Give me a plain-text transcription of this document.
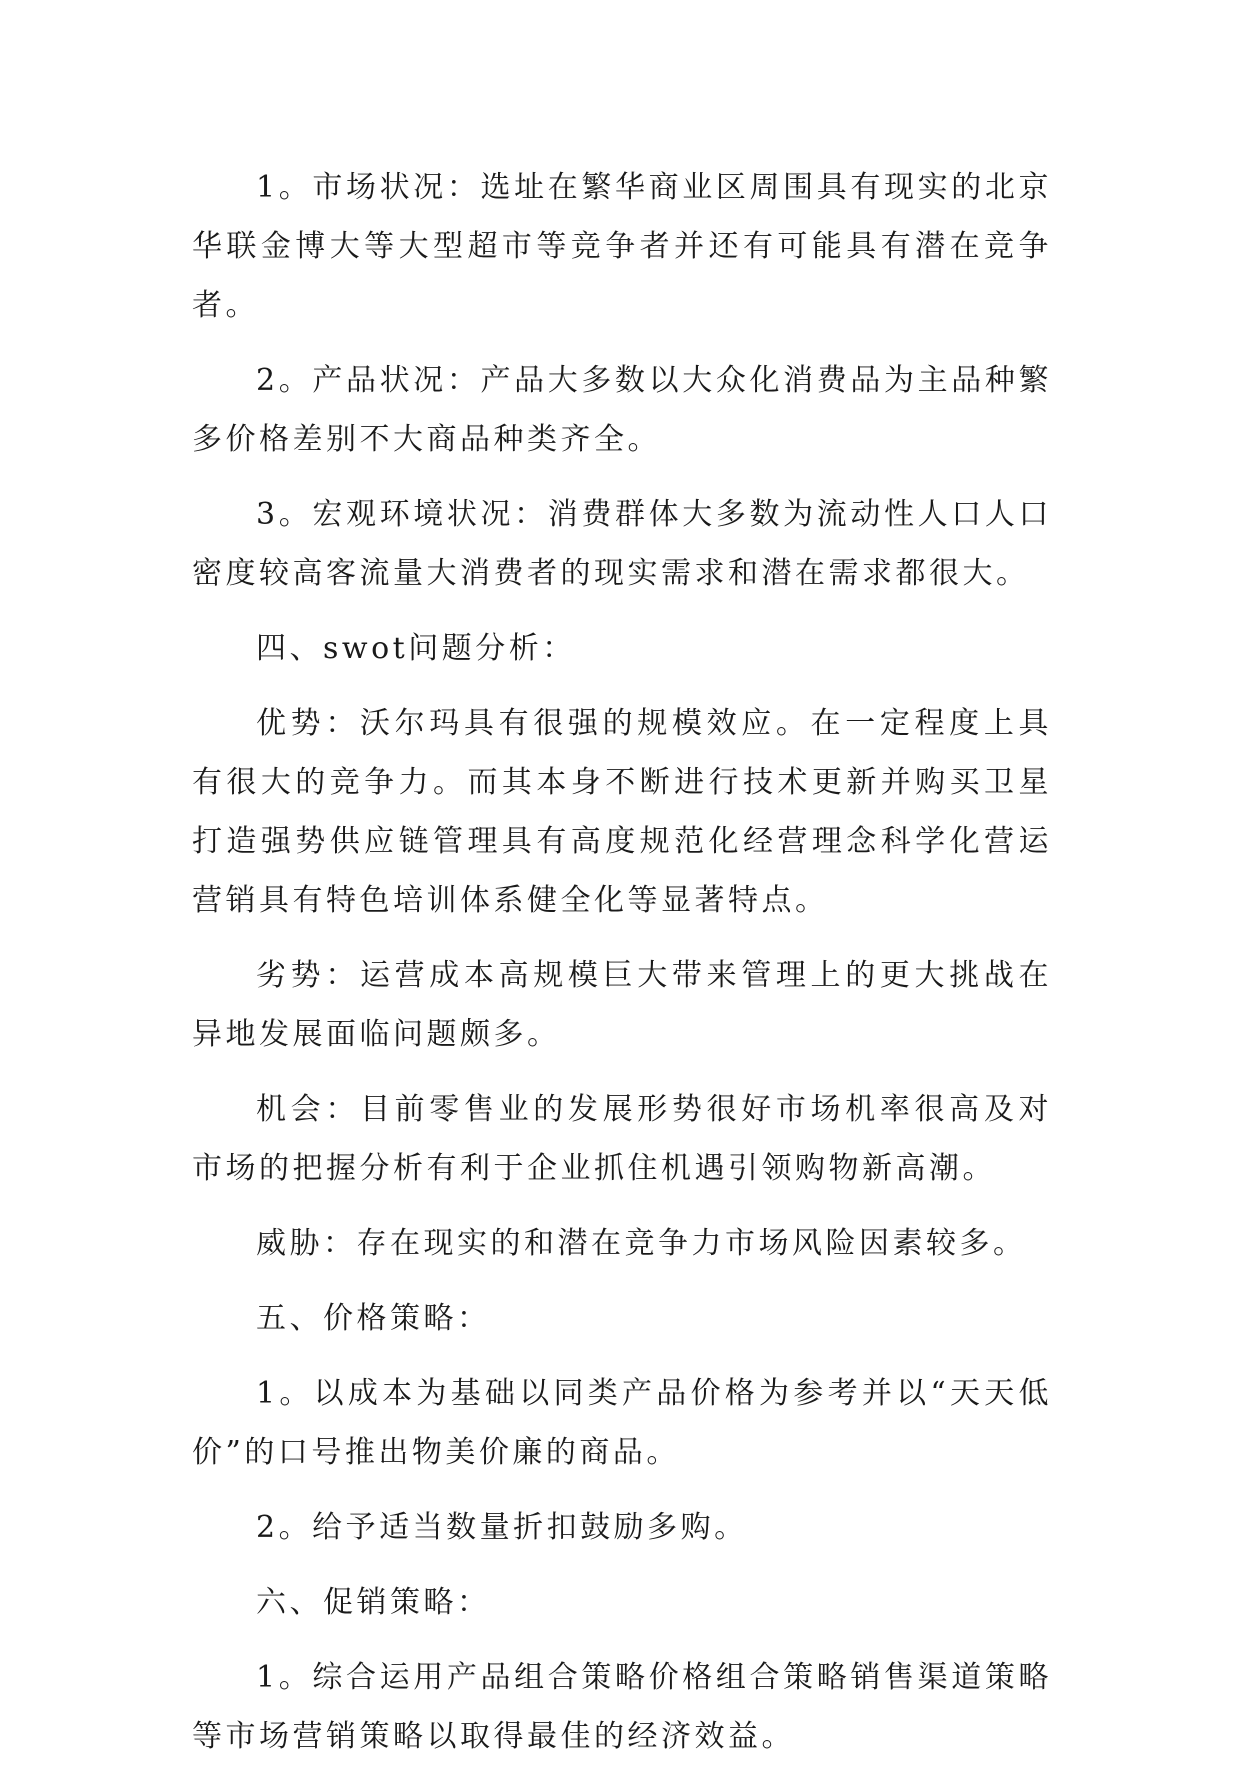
1。市场状况：选址在繁华商业区周围具有现实的北京华联金博大等大型超市等竞争者并还有可能具有潜在竞争者。

2。产品状况：产品大多数以大众化消费品为主品种繁多价格差别不大商品种类齐全。

3。宏观环境状况：消费群体大多数为流动性人口人口密度较高客流量大消费者的现实需求和潜在需求都很大。

四、swot问题分析：

优势：沃尔玛具有很强的规模效应。在一定程度上具有很大的竞争力。而其本身不断进行技术更新并购买卫星打造强势供应链管理具有高度规范化经营理念科学化营运营销具有特色培训体系健全化等显著特点。

劣势：运营成本高规模巨大带来管理上的更大挑战在异地发展面临问题颇多。

机会：目前零售业的发展形势很好市场机率很高及对市场的把握分析有利于企业抓住机遇引领购物新高潮。

威胁：存在现实的和潜在竞争力市场风险因素较多。

五、价格策略：

1。以成本为基础以同类产品价格为参考并以“天天低价”的口号推出物美价廉的商品。

2。给予适当数量折扣鼓励多购。

六、促销策略：

1。综合运用产品组合策略价格组合策略销售渠道策略等市场营销策略以取得最佳的经济效益。
